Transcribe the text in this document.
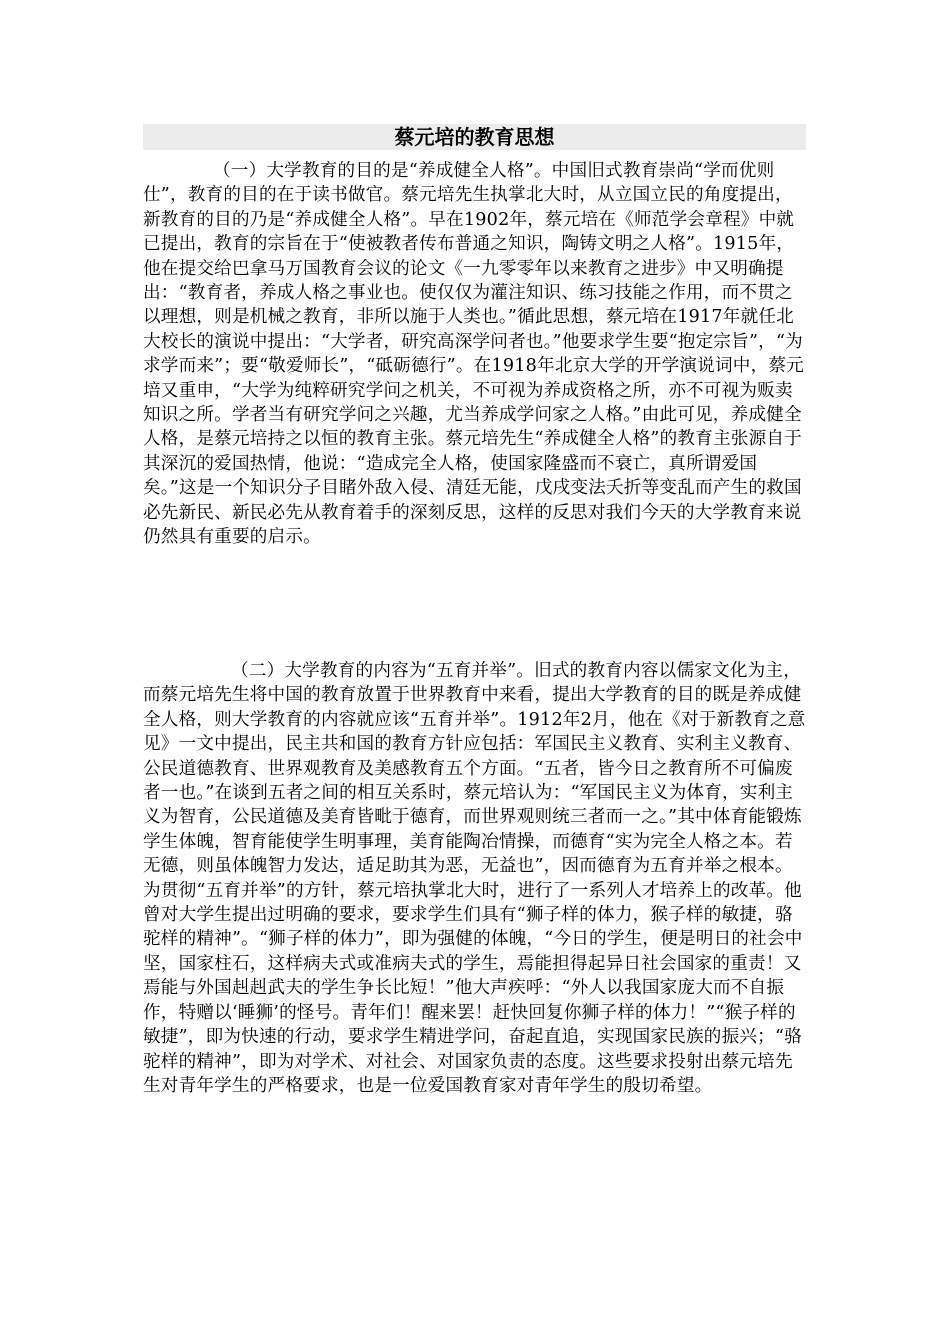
蔡元培的教育思想

（一）大学教育的目的是“养成健全人格”。中国旧式教育崇尚“学而优则仕”，教育的目的在于读书做官。蔡元培先生执掌北大时，从立国立民的角度提出，新教育的目的乃是“养成健全人格”。早在1902年，蔡元培在《师范学会章程》中就已提出，教育的宗旨在于“使被教者传布普通之知识，陶铸文明之人格”。1915年，他在提交给巴拿马万国教育会议的论文《一九零零年以来教育之进步》中又明确提出：“教育者，养成人格之事业也。使仅仅为灌注知识、练习技能之作用，而不贯之以理想，则是机械之教育，非所以施于人类也。”循此思想，蔡元培在1917年就任北大校长的演说中提出：“大学者，研究高深学问者也。”他要求学生要“抱定宗旨”，“为求学而来”；要“敬爱师长”，“砥砺德行”。在1918年北京大学的开学演说词中，蔡元培又重申，“大学为纯粹研究学问之机关，不可视为养成资格之所，亦不可视为贩卖知识之所。学者当有研究学问之兴趣，尤当养成学问家之人格。”由此可见，养成健全人格，是蔡元培持之以恒的教育主张。蔡元培先生“养成健全人格”的教育主张源自于其深沉的爱国热情，他说：“造成完全人格，使国家隆盛而不衰亡，真所谓爱国矣。”这是一个知识分子目睹外敌入侵、清廷无能，戊戌变法夭折等变乱而产生的救国必先新民、新民必先从教育着手的深刻反思，这样的反思对我们今天的大学教育来说仍然具有重要的启示。

（二）大学教育的内容为“五育并举”。旧式的教育内容以儒家文化为主，而蔡元培先生将中国的教育放置于世界教育中来看，提出大学教育的目的既是养成健全人格，则大学教育的内容就应该“五育并举”。1912年2月，他在《对于新教育之意见》一文中提出，民主共和国的教育方针应包括：军国民主义教育、实利主义教育、公民道德教育、世界观教育及美感教育五个方面。“五者，皆今日之教育所不可偏废者一也。”在谈到五者之间的相互关系时，蔡元培认为：“军国民主义为体育，实利主义为智育，公民道德及美育皆毗于德育，而世界观则统三者而一之。”其中体育能锻炼学生体魄，智育能使学生明事理，美育能陶冶情操，而德育“实为完全人格之本。若无德，则虽体魄智力发达，适足助其为恶，无益也”，因而德育为五育并举之根本。为贯彻“五育并举”的方针，蔡元培执掌北大时，进行了一系列人才培养上的改革。他曾对大学生提出过明确的要求，要求学生们具有“狮子样的体力，猴子样的敏捷，骆驼样的精神”。“狮子样的体力”，即为强健的体魄，“今日的学生，便是明日的社会中坚，国家柱石，这样病夫式或准病夫式的学生，焉能担得起异日社会国家的重责！又焉能与外国赳赳武夫的学生争长比短！”他大声疾呼：“外人以我国家庞大而不自振作，特赠以‘睡狮’的怪号。青年们！醒来罢！赶快回复你狮子样的体力！”“猴子样的敏捷”，即为快速的行动，要求学生精进学问，奋起直追，实现国家民族的振兴；“骆驼样的精神”，即为对学术、对社会、对国家负责的态度。这些要求投射出蔡元培先生对青年学生的严格要求，也是一位爱国教育家对青年学生的殷切希望。
